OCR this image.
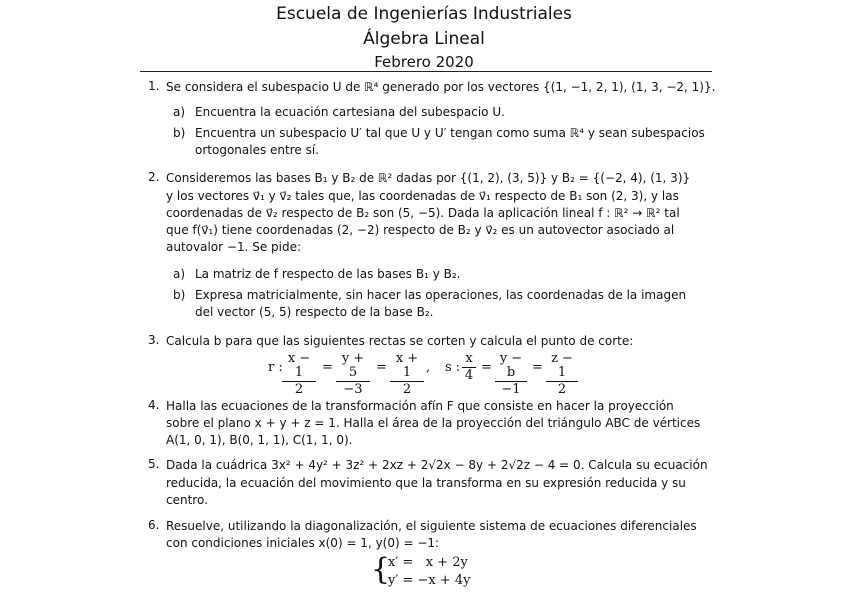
Escuela de Ingenierías Industriales
Álgebra Lineal
Febrero 2020
1. Se considera el subespacio U de ℝ⁴ generado por los vectores {(1, −1, 2, 1), (1, 3, −2, 1)}.
a) Encuentra la ecuación cartesiana del subespacio U.
b) Encuentra un subespacio U′ tal que U y U′ tengan como suma ℝ⁴ y sean subespacios
ortogonales entre sí.
2. Consideremos las bases B₁ y B₂ de ℝ² dadas por {(1, 2), (3, 5)} y B₂ = {(−2, 4), (1, 3)}
y los vectores v⃗₁ y v⃗₂ tales que, las coordenadas de v⃗₁ respecto de B₁ son (2, 3), y las
coordenadas de v⃗₂ respecto de B₂ son (5, −5). Dada la aplicación lineal f : ℝ² → ℝ² tal
que f(v⃗₁) tiene coordenadas (2, −2) respecto de B₂ y v⃗₂ es un autovector asociado al
autovalor −1. Se pide:
a) La matriz de f respecto de las bases B₁ y B₂.
b) Expresa matricialmente, sin hacer las operaciones, las coordenadas de la imagen
del vector (5, 5) respecto de la base B₂.
3. Calcula b para que las siguientes rectas se corten y calcula el punto de corte:
r :
x − 1
2
=
y + 5
−3
=
x + 1
2
, s :
x
4
=
y − b
−1
=
z − 1
2
4. Halla las ecuaciones de la transformación afín F que consiste en hacer la proyección
sobre el plano x + y + z = 1. Halla el área de la proyección del triángulo ABC de vértices
A(1, 0, 1), B(0, 1, 1), C(1, 1, 0).
5. Dada la cuádrica 3x² + 4y² + 3z² + 2xz + 2√2x − 8y + 2√2z − 4 = 0. Calcula su ecuación
reducida, la ecuación del movimiento que la transforma en su expresión reducida y su
centro.
6. Resuelve, utilizando la diagonalización, el siguiente sistema de ecuaciones diferenciales
con condiciones iniciales x(0) = 1, y(0) = −1:
{
x′ =   x + 2y
y′ = −x + 4y
